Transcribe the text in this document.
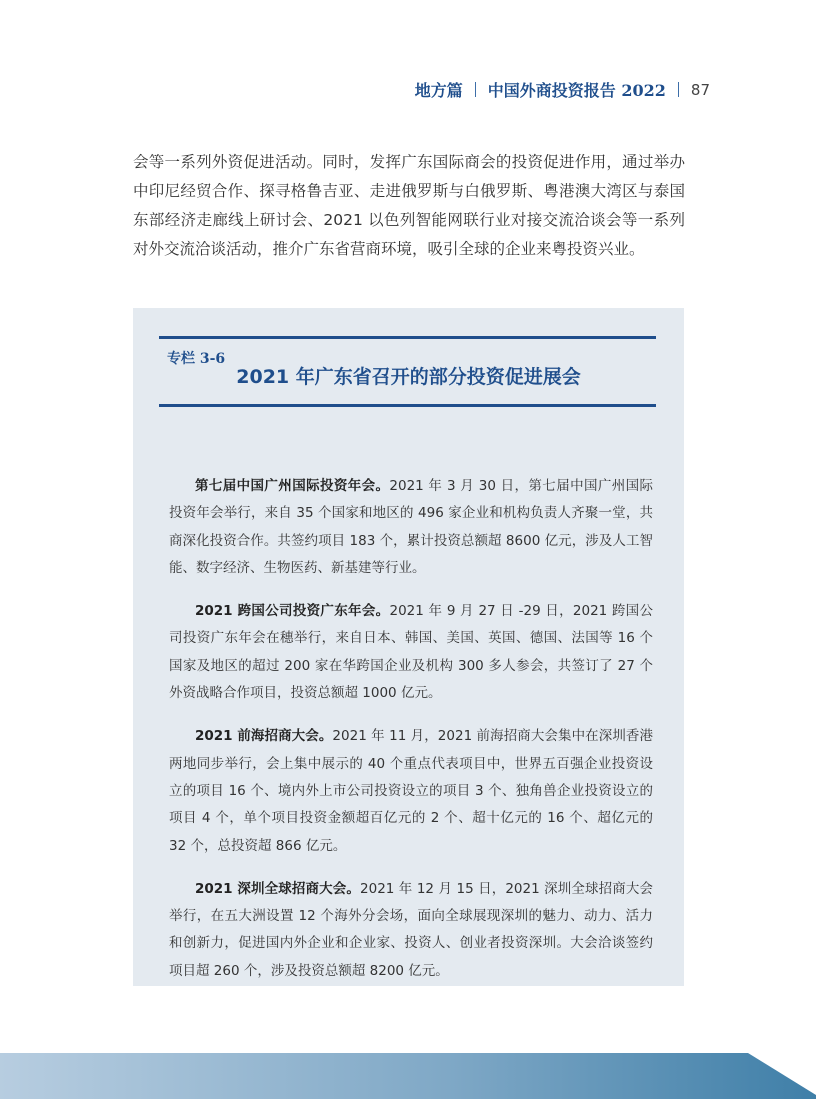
地方篇 中国外商投资报告 2022 87

会等一系列外资促进活动。同时，发挥广东国际商会的投资促进作用，通过举办中印尼经贸合作、探寻格鲁吉亚、走进俄罗斯与白俄罗斯、粤港澳大湾区与泰国东部经济走廊线上研讨会、2021 以色列智能网联行业对接交流洽谈会等一系列对外交流洽谈活动，推介广东省营商环境，吸引全球的企业来粤投资兴业。

专栏 3-6
2021 年广东省召开的部分投资促进展会

第七届中国广州国际投资年会。2021 年 3 月 30 日，第七届中国广州国际投资年会举行，来自 35 个国家和地区的 496 家企业和机构负责人齐聚一堂，共商深化投资合作。共签约项目 183 个，累计投资总额超 8600 亿元，涉及人工智能、数字经济、生物医药、新基建等行业。

2021 跨国公司投资广东年会。2021 年 9 月 27 日 -29 日，2021 跨国公司投资广东年会在穗举行，来自日本、韩国、美国、英国、德国、法国等 16 个国家及地区的超过 200 家在华跨国企业及机构 300 多人参会，共签订了 27 个外资战略合作项目，投资总额超 1000 亿元。

2021 前海招商大会。2021 年 11 月，2021 前海招商大会集中在深圳香港两地同步举行，会上集中展示的 40 个重点代表项目中，世界五百强企业投资设立的项目 16 个、境内外上市公司投资设立的项目 3 个、独角兽企业投资设立的项目 4 个，单个项目投资金额超百亿元的 2 个、超十亿元的 16 个、超亿元的 32 个，总投资超 866 亿元。

2021 深圳全球招商大会。2021 年 12 月 15 日，2021 深圳全球招商大会举行，在五大洲设置 12 个海外分会场，面向全球展现深圳的魅力、动力、活力和创新力，促进国内外企业和企业家、投资人、创业者投资深圳。大会洽谈签约项目超 260 个，涉及投资总额超 8200 亿元。
